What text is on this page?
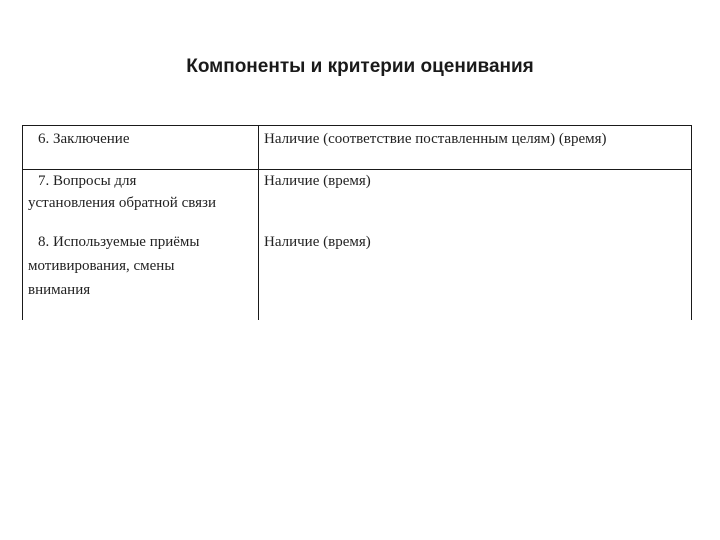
Компоненты и критерии оценивания
6. Заключение	Наличие (соответствие поставленным целям) (время)
7. Вопросы для
установления обратной связи
Наличие (время)
8. Используемые приёмы
мотивирования, смены
внимания
Наличие (время)
